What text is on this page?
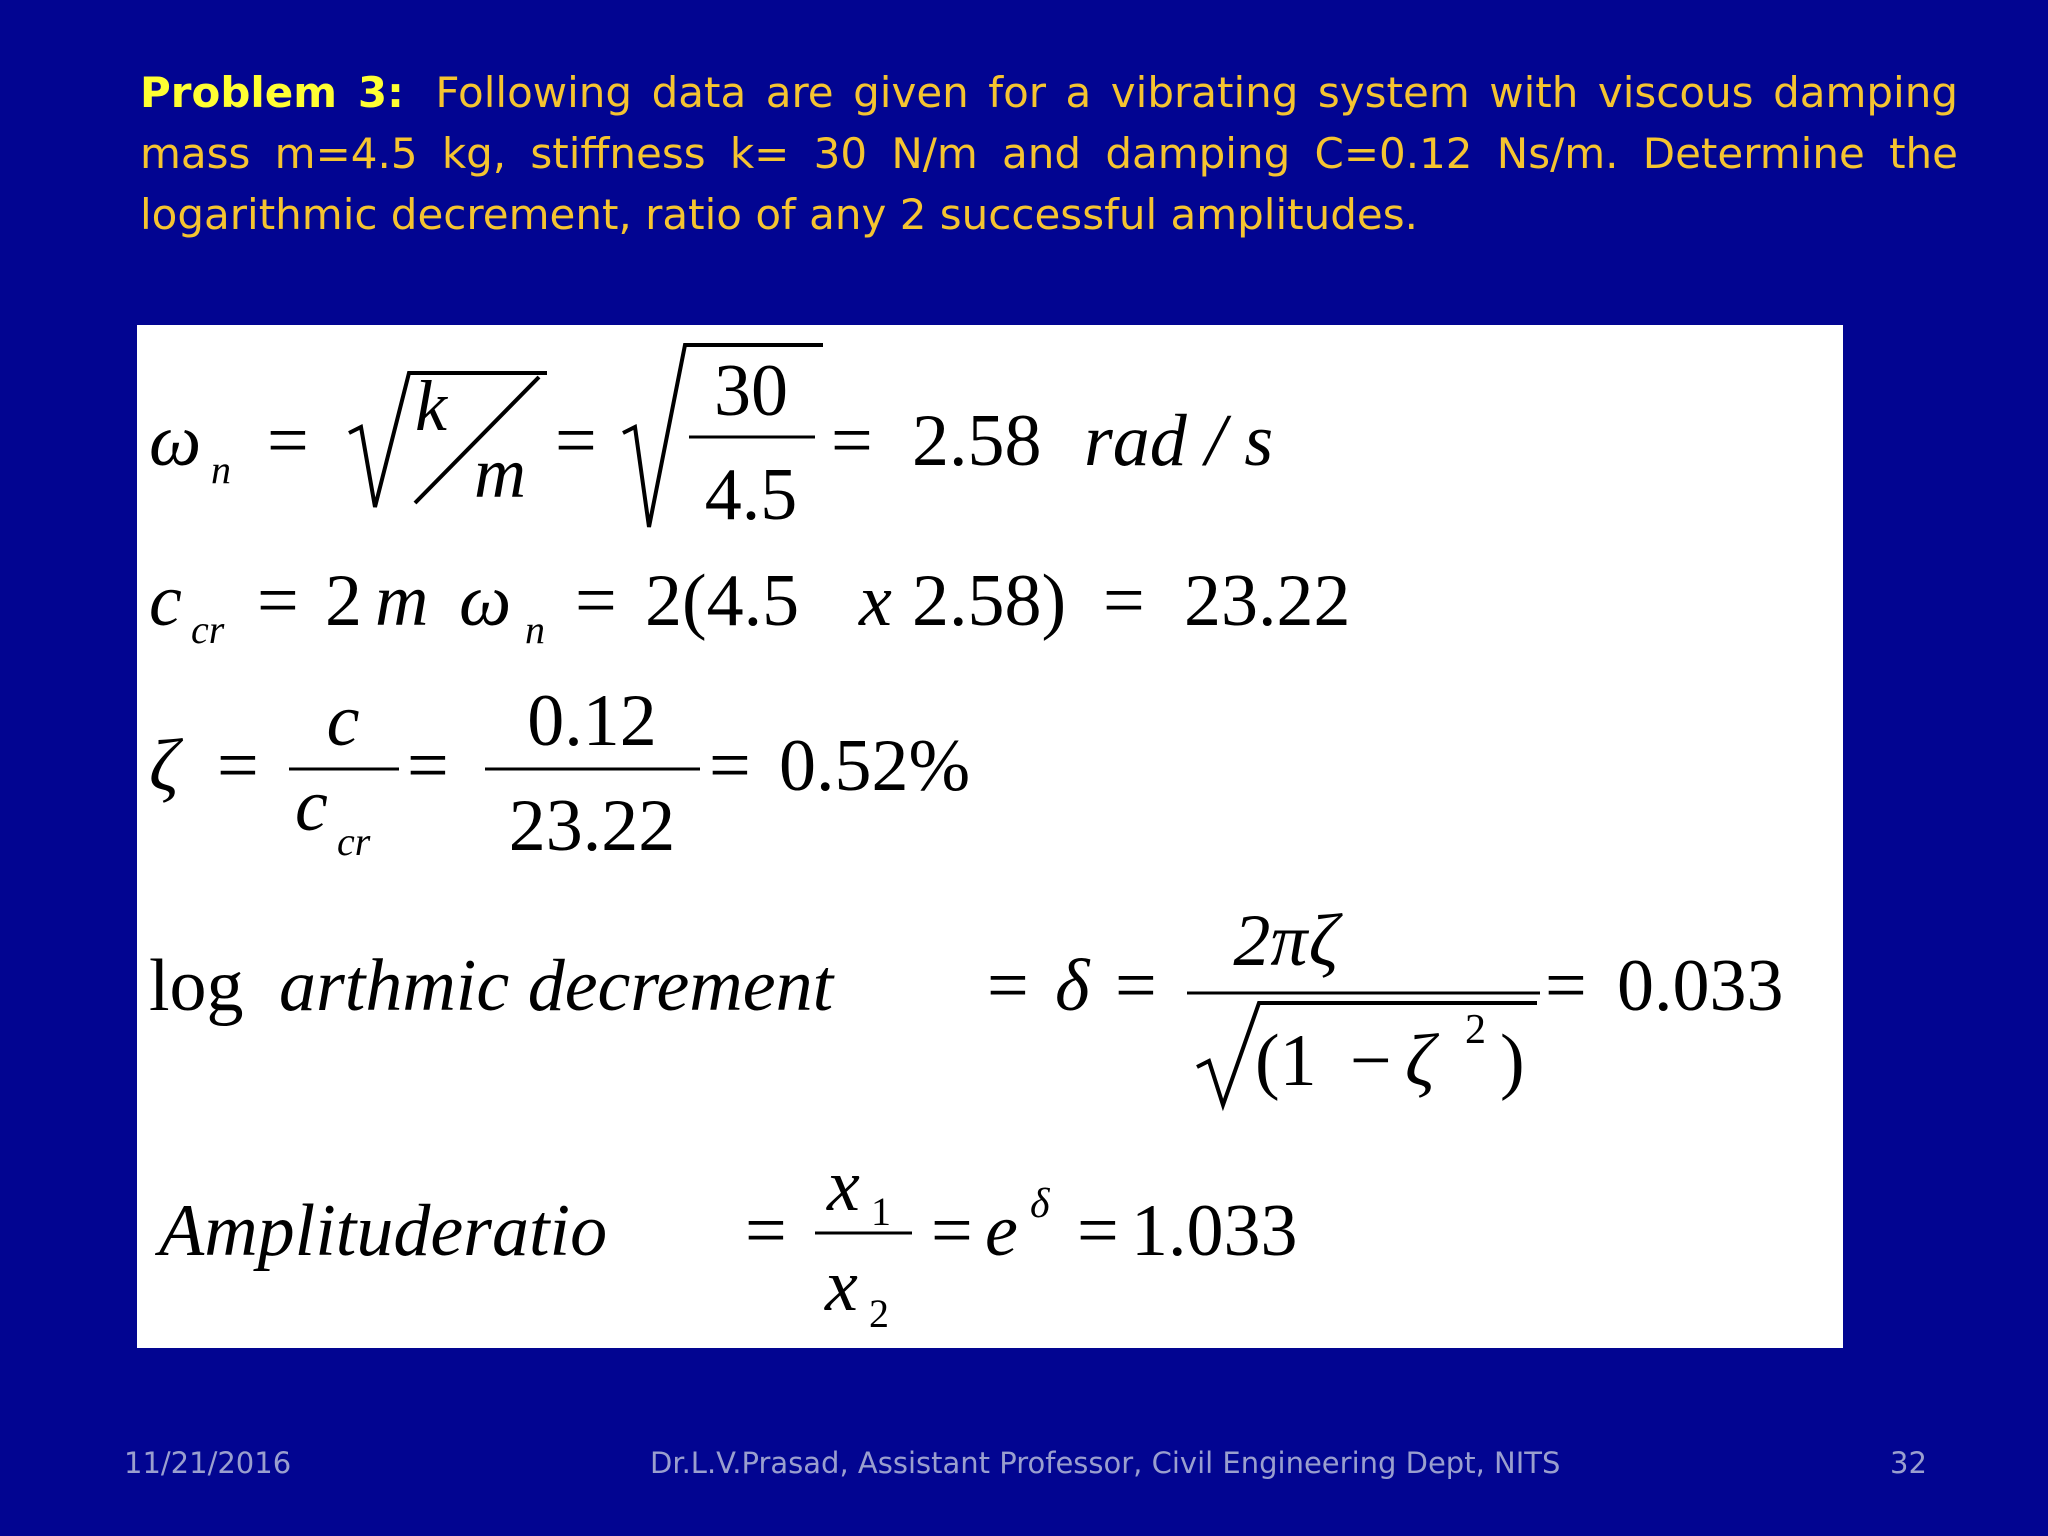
Problem 3: Following data are given for a vibrating system with viscous damping mass m=4.5 kg, stiffness k= 30 N/m and damping C=0.12 Ns/m. Determine the logarithmic decrement, ratio of any 2 successful amplitudes.
ω n = k
m =
30
4.5
= 2.58 rad / s
c cr = 2 m ω n = 2(4.5 x 2.58) = 23.22
ζ =
c
c cr
=
0.12
23.22
= 0.52%
log arthmic decrement = δ =
2πζ
(1 − ζ 2 )
= 0.033
Amplituderatio =
x 1
x 2
= e δ = 1.033
11/21/2016	Dr.L.V.Prasad, Assistant Professor, Civil Engineering Dept, NITS	32
